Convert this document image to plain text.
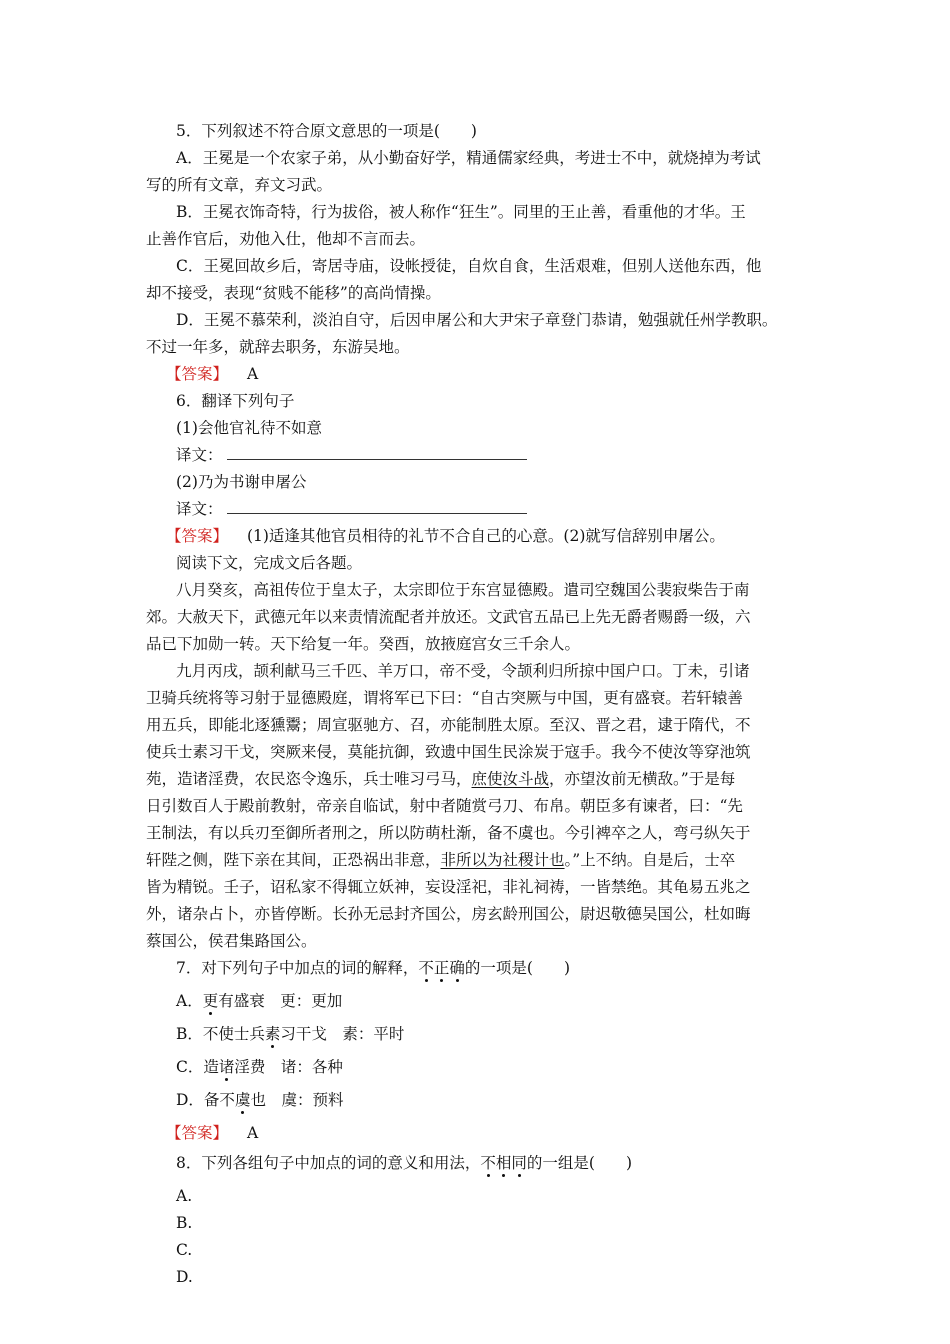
5．下列叙述不符合原文意思的一项是(　　)
A．王冕是一个农家子弟，从小勤奋好学，精通儒家经典，考进士不中，就烧掉为考试
写的所有文章，弃文习武。
B．王冕衣饰奇特，行为拔俗，被人称作“狂生”。同里的王止善，看重他的才华。王
止善作官后，劝他入仕，他却不言而去。
C．王冕回故乡后，寄居寺庙，设帐授徒，自炊自食，生活艰难，但别人送他东西，他
却不接受，表现“贫贱不能移”的高尚情操。
D．王冕不慕荣利，淡泊自守，后因申屠公和大尹宋子章登门恭请，勉强就任州学教职。
不过一年多，就辞去职务，东游吴地。
【答案】 A
6．翻译下列句子
(1)会他官礼待不如意
译文：
(2)乃为书谢申屠公
译文：
【答案】 (1)适逢其他官员相待的礼节不合自己的心意。(2)就写信辞别申屠公。
阅读下文，完成文后各题。
八月癸亥，高祖传位于皇太子，太宗即位于东宫显德殿。遣司空魏国公裴寂柴告于南
郊。大赦天下，武德元年以来责情流配者并放还。文武官五品已上先无爵者赐爵一级，六
品已下加勋一转。天下给复一年。癸酉，放掖庭宫女三千余人。
九月丙戌，颉利献马三千匹、羊万口，帝不受，令颉利归所掠中国户口。丁未，引诸
卫骑兵统将等习射于显德殿庭，谓将军已下曰：“自古突厥与中国，更有盛衰。若轩辕善
用五兵，即能北逐獯鬻；周宣驱驰方、召，亦能制胜太原。至汉、晋之君，逮于隋代，不
使兵士素习干戈，突厥来侵，莫能抗御，致遗中国生民涂炭于寇手。我今不使汝等穿池筑
苑，造诸淫费，农民恣令逸乐，兵士唯习弓马，庶使汝斗战，亦望汝前无横敌。”于是每
日引数百人于殿前教射，帝亲自临试，射中者随赏弓刀、布帛。朝臣多有谏者，曰：“先
王制法，有以兵刃至御所者刑之，所以防萌杜渐，备不虞也。今引裨卒之人，弯弓纵矢于
轩陛之侧，陛下亲在其间，正恐祸出非意，非所以为社稷计也。”上不纳。自是后，士卒
皆为精锐。壬子，诏私家不得辄立妖神，妄设淫祀，非礼祠祷，一皆禁绝。其龟易五兆之
外，诸杂占卜，亦皆停断。长孙无忌封齐国公，房玄龄刑国公，尉迟敬德吴国公，杜如晦
蔡国公，侯君集路国公。
7．对下列句子中加点的词的解释，不正确的一项是(　　)
A．更有盛衰　更：更加
B．不使士兵素习干戈　素：平时
C．造诸淫费　诸：各种
D．备不虞也　虞：预料
【答案】 A
8．下列各组句子中加点的词的意义和用法，不相同的一组是(　　)
A.
B.
C.
D.
